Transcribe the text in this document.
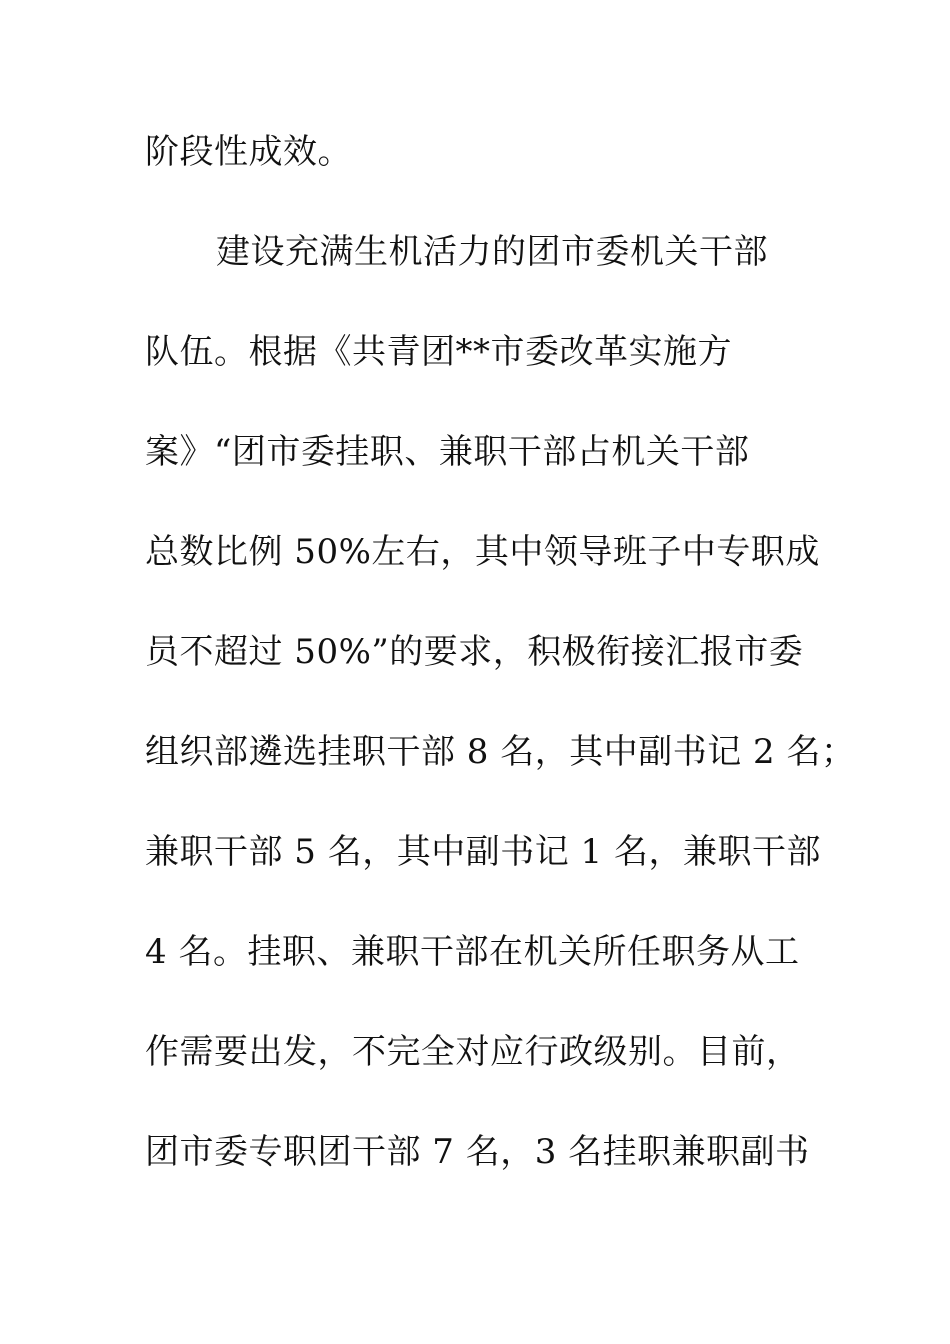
阶段性成效。

建设充满生机活力的团市委机关干部

队伍。根据《共青团**市委改革实施方

案》“团市委挂职、兼职干部占机关干部

总数比例 50%左右，其中领导班子中专职成

员不超过 50%”的要求，积极衔接汇报市委

组织部遴选挂职干部 8 名，其中副书记 2 名；

兼职干部 5 名，其中副书记 1 名，兼职干部

4 名。挂职、兼职干部在机关所任职务从工

作需要出发，不完全对应行政级别。目前，

团市委专职团干部 7 名，3 名挂职兼职副书
